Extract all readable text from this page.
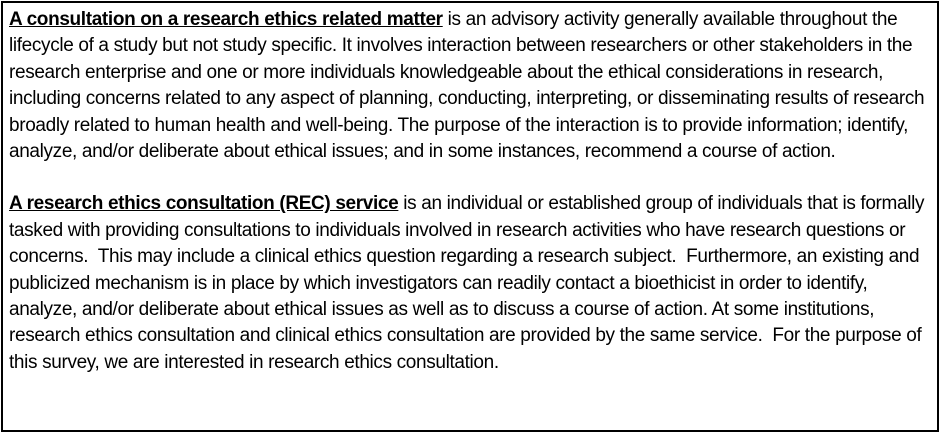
A consultation on a research ethics related matter is an advisory activity generally available throughout the lifecycle of a study but not study specific. It involves interaction between researchers or other stakeholders in the research enterprise and one or more individuals knowledgeable about the ethical considerations in research, including concerns related to any aspect of planning, conducting, interpreting, or disseminating results of research broadly related to human health and well-being. The purpose of the interaction is to provide information; identify, analyze, and/or deliberate about ethical issues; and in some instances, recommend a course of action.

A research ethics consultation (REC) service is an individual or established group of individuals that is formally tasked with providing consultations to individuals involved in research activities who have research questions or concerns.  This may include a clinical ethics question regarding a research subject.  Furthermore, an existing and publicized mechanism is in place by which investigators can readily contact a bioethicist in order to identify, analyze, and/or deliberate about ethical issues as well as to discuss a course of action. At some institutions, research ethics consultation and clinical ethics consultation are provided by the same service.  For the purpose of this survey, we are interested in research ethics consultation.
